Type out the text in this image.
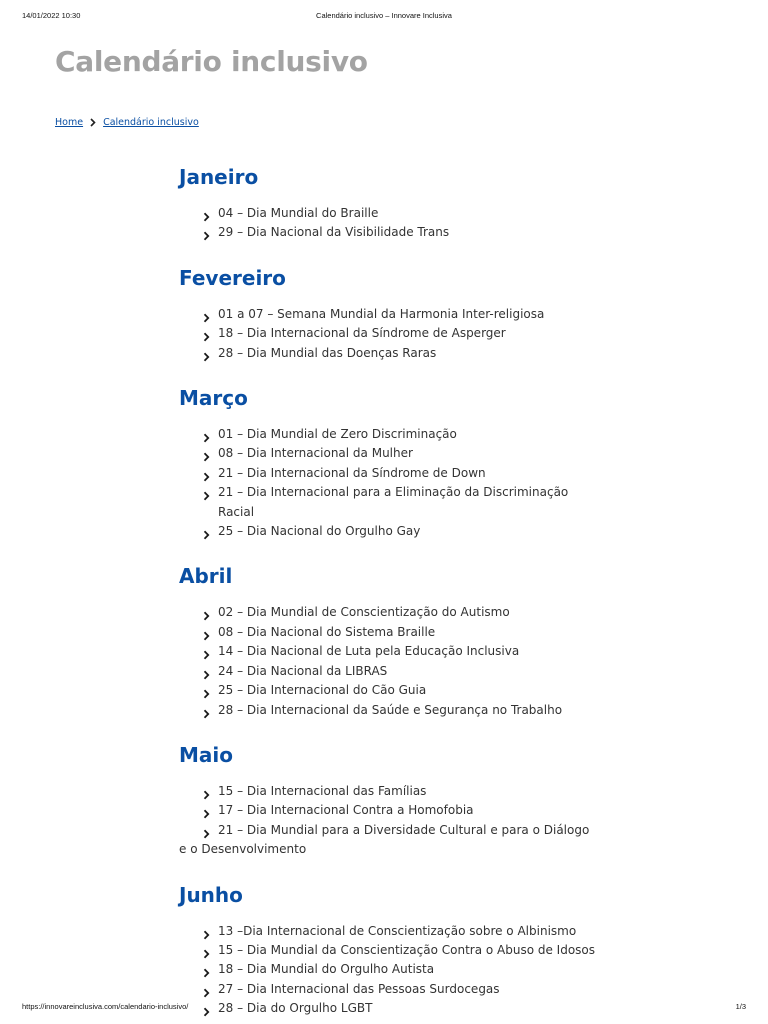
14/01/2022 10:30	Calendário inclusivo – Innovare Inclusiva
Calendário inclusivo
Home Calendário inclusivo
Janeiro
04 – Dia Mundial do Braille
29 – Dia Nacional da Visibilidade Trans
Fevereiro
01 a 07 – Semana Mundial da Harmonia Inter-religiosa
18 – Dia Internacional da Síndrome de Asperger
28 – Dia Mundial das Doenças Raras
Março
01 – Dia Mundial de Zero Discriminação
08 – Dia Internacional da Mulher
21 – Dia Internacional da Síndrome de Down
21 – Dia Internacional para a Eliminação da Discriminação Racial
25 – Dia Nacional do Orgulho Gay
Abril
02 – Dia Mundial de Conscientização do Autismo
08 – Dia Nacional do Sistema Braille
14 – Dia Nacional de Luta pela Educação Inclusiva
24 – Dia Nacional da LIBRAS
25 – Dia Internacional do Cão Guia
28 – Dia Internacional da Saúde e Segurança no Trabalho
Maio
15 – Dia Internacional das Famílias
17 – Dia Internacional Contra a Homofobia
21 – Dia Mundial para a Diversidade Cultural e para o Diálogo e o Desenvolvimento
Junho
13 –Dia Internacional de Conscientização sobre o Albinismo
15 – Dia Mundial da Conscientização Contra o Abuso de Idosos
18 – Dia Mundial do Orgulho Autista
27 – Dia Internacional das Pessoas Surdocegas
28 – Dia do Orgulho LGBT
https://innovareinclusiva.com/calendario-inclusivo/	1/3
